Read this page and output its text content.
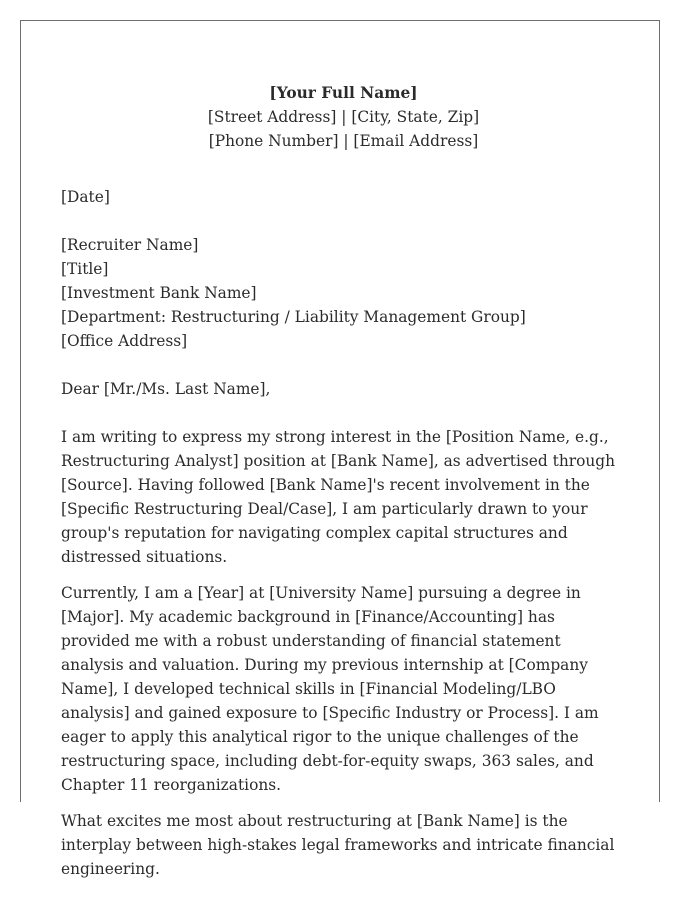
[Your Full Name]
[Street Address] | [City, State, Zip]
[Phone Number] | [Email Address]
[Date]
[Recruiter Name]
[Title]
[Investment Bank Name]
[Department: Restructuring / Liability Management Group]
[Office Address]
Dear [Mr./Ms. Last Name],

I am writing to express my strong interest in the [Position Name, e.g., Restructuring Analyst] position at [Bank Name], as advertised through [Source]. Having followed [Bank Name]'s recent involvement in the [Specific Restructuring Deal/Case], I am particularly drawn to your group's reputation for navigating complex capital structures and distressed situations.

Currently, I am a [Year] at [University Name] pursuing a degree in [Major]. My academic background in [Finance/Accounting] has provided me with a robust understanding of financial statement analysis and valuation. During my previous internship at [Company Name], I developed technical skills in [Financial Modeling/LBO analysis] and gained exposure to [Specific Industry or Process]. I am eager to apply this analytical rigor to the unique challenges of the restructuring space, including debt-for-equity swaps, 363 sales, and Chapter 11 reorganizations.

What excites me most about restructuring at [Bank Name] is the interplay between high-stakes legal frameworks and intricate financial engineering.
